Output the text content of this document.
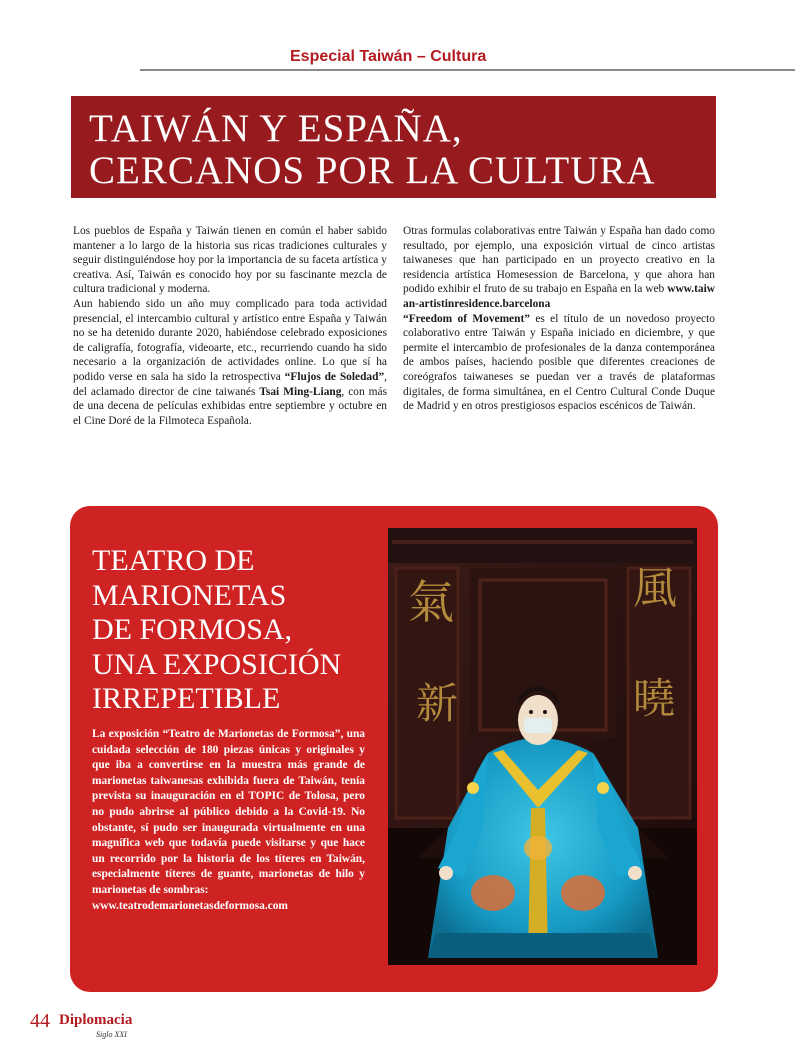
Especial Taiwán – Cultura
TAIWÁN Y ESPAÑA,
CERCANOS POR LA CULTURA

Los pueblos de España y Taiwán tienen en común el haber sabido mantener a lo largo de la historia sus ricas tradiciones culturales y seguir distinguiéndose hoy por la importancia de su faceta artística y creativa. Así, Taiwán es conocido hoy por su fascinante mezcla de cultura tradicional y moderna.

Aun habiendo sido un año muy complicado para toda actividad presencial, el intercambio cultural y artístico entre España y Taiwán no se ha detenido durante 2020, habiéndose celebrado exposiciones de caligrafía, fotografía, videoarte, etc., recurriendo cuando ha sido necesario a la organización de actividades online. Lo que sí ha podido verse en sala ha sido la retrospectiva “Flujos de Soledad”, del aclamado director de cine taiwanés Tsai Ming-Liang, con más de una decena de películas exhibidas entre septiembre y octubre en el Cine Doré de la Filmoteca Española.

Otras formulas colaborativas entre Taiwán y España han dado como resultado, por ejemplo, una exposición virtual de cinco artistas taiwaneses que han participado en un proyecto creativo en la residencia artística Homesession de Barcelona, y que ahora han podido exhibir el fruto de su trabajo en España en la web www.taiwan-artistinresidence.barcelona

“Freedom of Movement” es el título de un novedoso proyecto colaborativo entre Taiwán y España iniciado en diciembre, y que permite el intercambio de profesionales de la danza contemporánea de ambos países, haciendo posible que diferentes creaciones de coreógrafos taiwaneses se puedan ver a través de plataformas digitales, de forma simultánea, en el Centro Cultural Conde Duque de Madrid y en otros prestigiosos espacios escénicos de Taiwán.

TEATRO DE
MARIONETAS
DE FORMOSA,
UNA EXPOSICIÓN
IRREPETIBLE
La exposición “Teatro de Marionetas de Formosa”, una cuidada selección de 180 piezas únicas y originales y que iba a convertirse en la muestra más grande de marionetas taiwanesas exhibida fuera de Taiwán, tenía prevista su inauguración en el TOPIC de Tolosa, pero no pudo abrirse al público debido a la Covid-19. No obstante, sí pudo ser inaugurada virtualmente en una magnífica web que todavía puede visitarse y que hace un recorrido por la historia de los títeres en Taiwán, especialmente títeres de guante, marionetas de hilo y marionetas de sombras:
www.teatrodemarionetasdeformosa.com
氣
新
風
曉
44 Diplomacia
Siglo XXI
